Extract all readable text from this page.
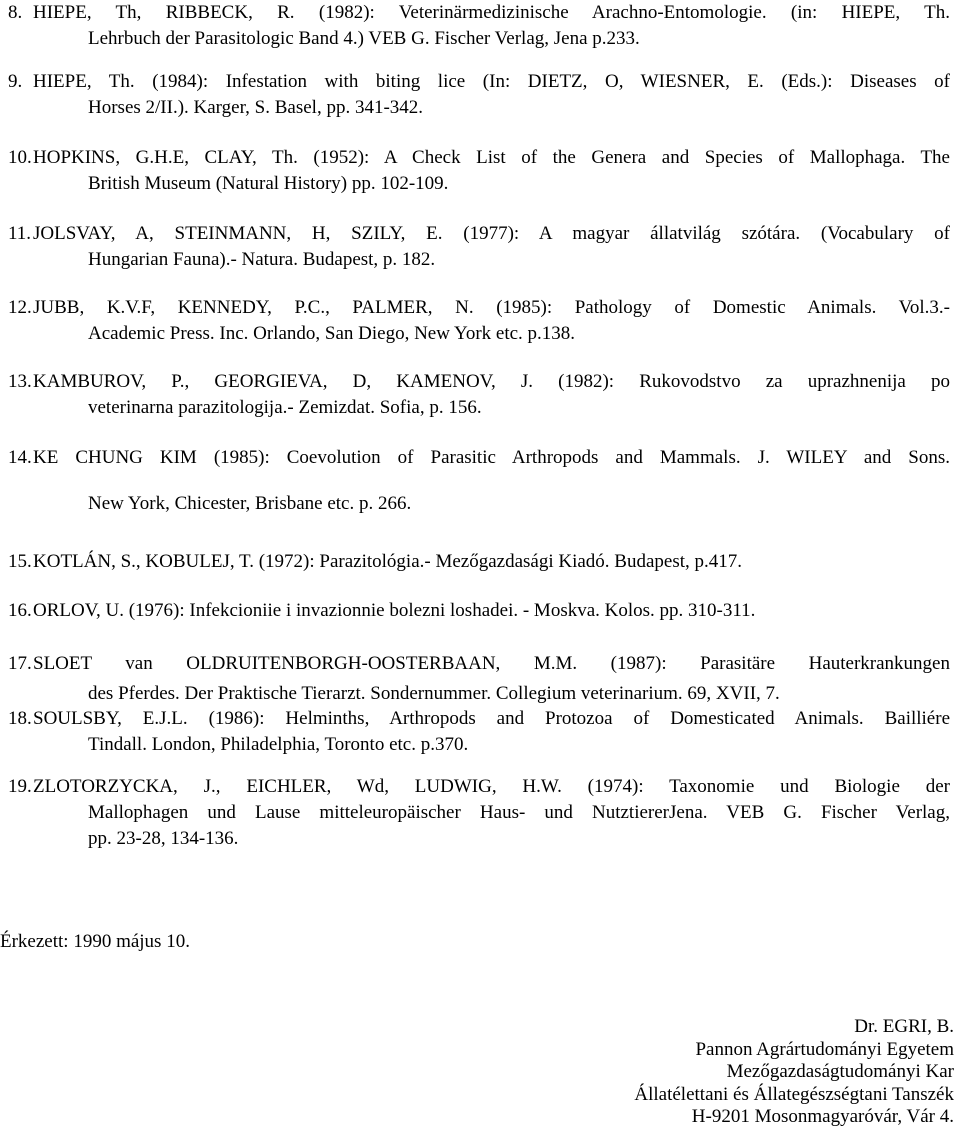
8. HIEPE, Th, RIBBECK, R. (1982): Veterinärmedizinische Arachno-Entomologie. (in: HIEPE, Th.
Lehrbuch der Parasitologic Band 4.) VEB G. Fischer Verlag, Jena p.233.
9. HIEPE, Th. (1984): Infestation with biting lice (In: DIETZ, O, WIESNER, E. (Eds.): Diseases of
Horses 2/II.). Karger, S. Basel, pp. 341-342.
10. HOPKINS, G.H.E, CLAY, Th. (1952): A Check List of the Genera and Species of Mallophaga. The
British Museum (Natural History) pp. 102-109.
11. JOLSVAY, A, STEINMANN, H, SZILY, E. (1977): A magyar állatvilág szótára. (Vocabulary of
Hungarian Fauna).- Natura. Budapest, p. 182.
12. JUBB, K.V.F, KENNEDY, P.C., PALMER, N. (1985): Pathology of Domestic Animals. Vol.3.-
Academic Press. Inc. Orlando, San Diego, New York etc. p.138.
13. KAMBUROV, P., GEORGIEVA, D, KAMENOV, J. (1982): Rukovodstvo za uprazhnenija po
veterinarna parazitologija.- Zemizdat. Sofia, p. 156.
14. KE CHUNG KIM (1985): Coevolution of Parasitic Arthropods and Mammals. J. WILEY and Sons.
New York, Chicester, Brisbane etc. p. 266.
15. KOTLÁN, S., KOBULEJ, T. (1972): Parazitológia.- Mezőgazdasági Kiadó. Budapest, p.417.
16. ORLOV, U. (1976): Infekcioniie i invazionnie bolezni loshadei. - Moskva. Kolos. pp. 310-311.
17. SLOET van OLDRUITENBORGH-OOSTERBAAN, M.M. (1987): Parasitäre Hauterkrankungen
des Pferdes. Der Praktische Tierarzt. Sondernummer. Collegium veterinarium. 69, XVII, 7.
18. SOULSBY, E.J.L. (1986): Helminths, Arthropods and Protozoa of Domesticated Animals. Bailliére
Tindall. London, Philadelphia, Toronto etc. p.370.
19. ZLOTORZYCKA, J., EICHLER, Wd, LUDWIG, H.W. (1974): Taxonomie und Biologie der
Mallophagen und Lause mitteleuropäischer Haus- und NutztiererJena. VEB G. Fischer Verlag,
pp. 23-28, 134-136.
Érkezett: 1990 május 10.
Dr. EGRI, B.
Pannon Agrártudományi Egyetem
Mezőgazdaságtudományi Kar
Állatélettani és Állategészségtani Tanszék
H-9201 Mosonmagyaróvár, Vár 4.
